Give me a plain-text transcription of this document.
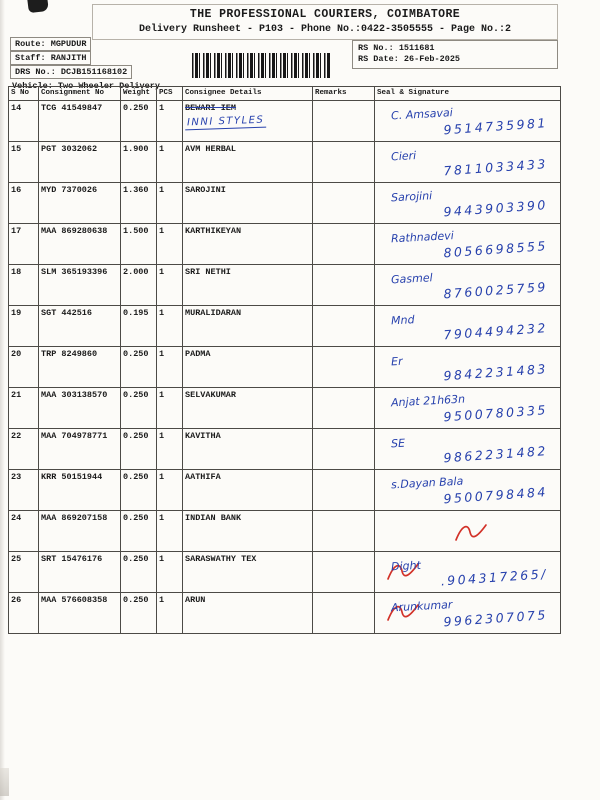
THE PROFESSIONAL COURIERS, COIMBATORE
Delivery Runsheet - P103 - Phone No.:0422-3505555 - Page No.:2
Route: MGPUDUR
Staff: RANJITH
DRS No.: DCJB151168102
Vehicle: Two Wheeler Delivery
RS No.: 1511681
RS Date: 26-Feb-2025
S No	Consignment No	Weight	PCS	Consignee Details	Remarks	Seal & Signature
14	TCG 41549847	0.250	1	BEWARI IEM
INNI STYLES		C. Amsavai
9514735981

15	PGT 3032062	1.900	1	AVM HERBAL		Cieri 7811033433

16	MYD 7370026	1.360	1	SAROJINI		Sarojini
9443903390

17	MAA 869280638	1.500	1	KARTHIKEYAN		Rathnadevi
8056698555

18	SLM 365193396	2.000	1	SRI NETHI		Gasmel
8760025759

19	SGT 442516	0.195	1	MURALIDARAN		Mnd 7904494232

20	TRP 8249860	0.250	1	PADMA		Er 9842231483

21	MAA 303138570	0.250	1	SELVAKUMAR		Anjat 21h63n
9500780335

22	MAA 704978771	0.250	1	KAVITHA		SE 9862231482

23	KRR 50151944	0.250	1	AATHIFA		s.Dayan Bala
9500798484

24	MAA 869207158	0.250	1	INDIAN BANK

25	SRT 15476176	0.250	1	SARASWATHY TEX		Dight .904317265/

26	MAA 576608358	0.250	1	ARUN		Arunkumar
9962307075
